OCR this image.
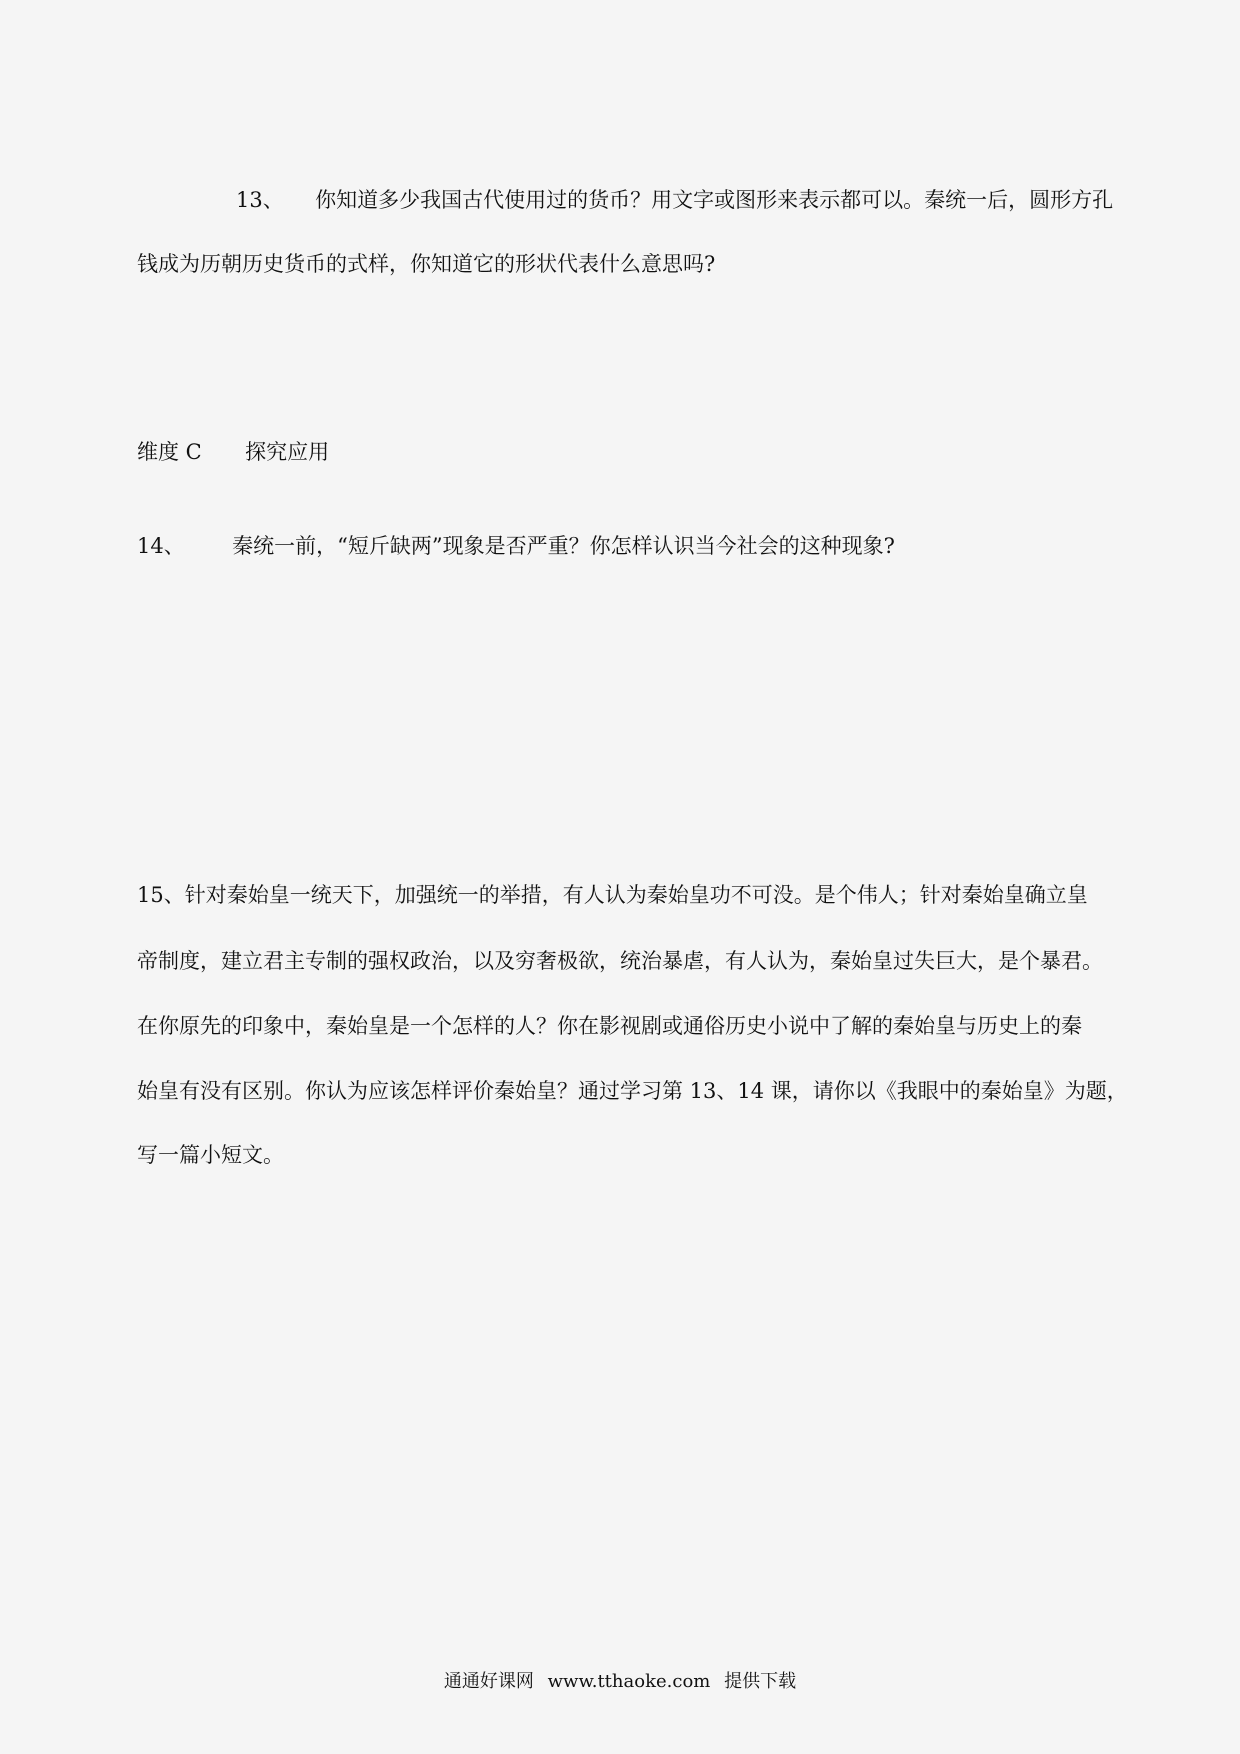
13、 你知道多少我国古代使用过的货币？用文字或图形来表示都可以。秦统一后，圆形方孔
钱成为历朝历史货币的式样，你知道它的形状代表什么意思吗?
维度 C 探究应用
14、 秦统一前，“短斤缺两”现象是否严重？你怎样认识当今社会的这种现象?
15、针对秦始皇一统天下，加强统一的举措，有人认为秦始皇功不可没。是个伟人；针对秦始皇确立皇
帝制度，建立君主专制的强权政治，以及穷奢极欲，统治暴虐，有人认为，秦始皇过失巨大，是个暴君。
在你原先的印象中，秦始皇是一个怎样的人？你在影视剧或通俗历史小说中了解的秦始皇与历史上的秦
始皇有没有区别。你认为应该怎样评价秦始皇？通过学习第 13、14 课，请你以《我眼中的秦始皇》为题，
写一篇小短文。
通通好课网 www.tthaoke.com 提供下载
